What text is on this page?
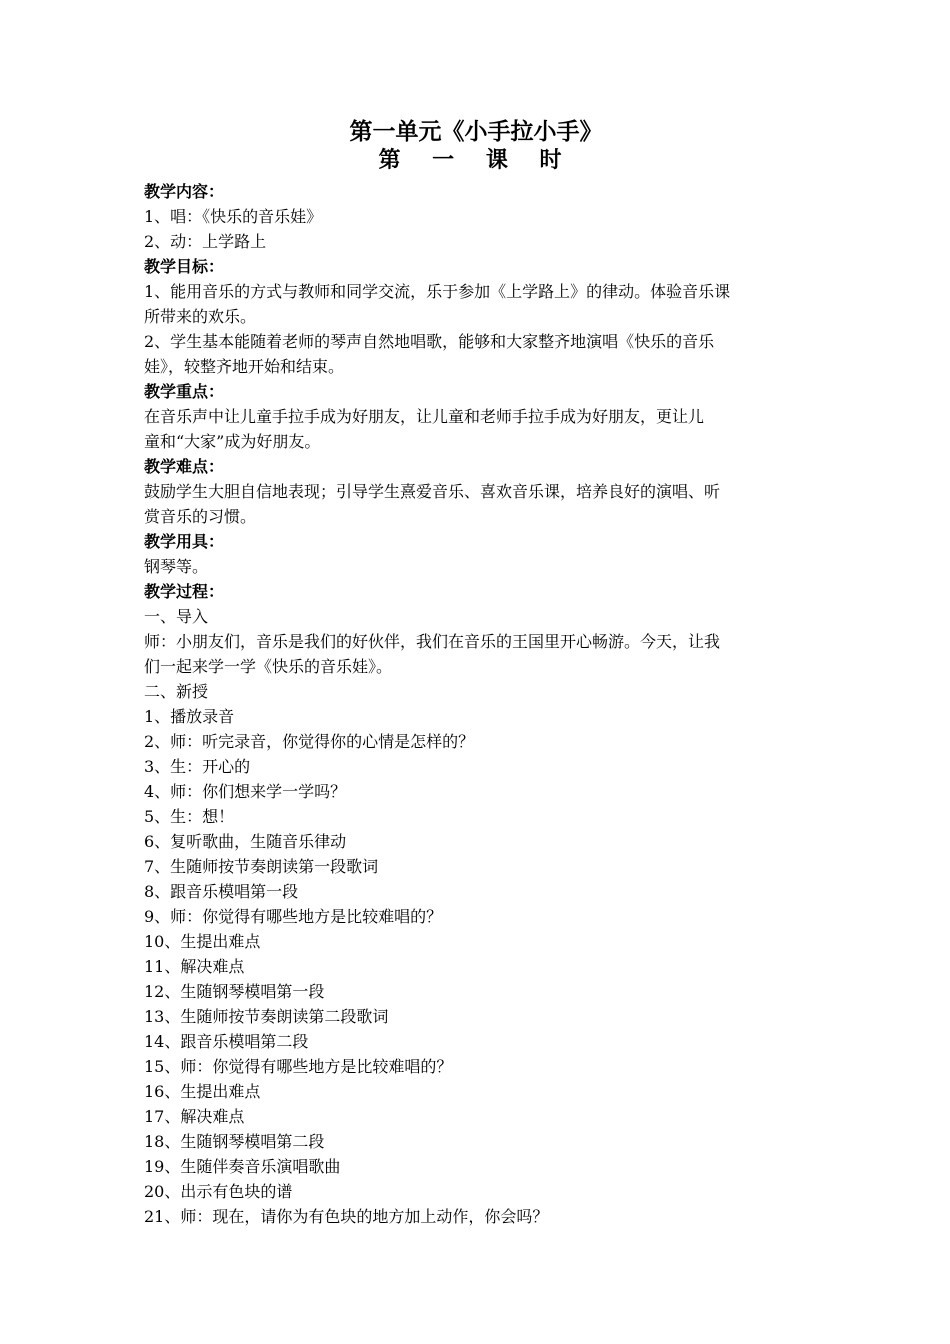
第一单元《小手拉小手》
第 一 课 时

教学内容：

1、唱：《快乐的音乐娃》

2、动：上学路上

教学目标：

1、能用音乐的方式与教师和同学交流，乐于参加《上学路上》的律动。体验音乐课

所带来的欢乐。

2、学生基本能随着老师的琴声自然地唱歌，能够和大家整齐地演唱《快乐的音乐

娃》，较整齐地开始和结束。

教学重点：

在音乐声中让儿童手拉手成为好朋友，让儿童和老师手拉手成为好朋友，更让儿

童和“大家”成为好朋友。

教学难点：

鼓励学生大胆自信地表现；引导学生熹爱音乐、喜欢音乐课，培养良好的演唱、听

赏音乐的习惯。

教学用具：

钢琴等。

教学过程：

一、导入

师：小朋友们，音乐是我们的好伙伴，我们在音乐的王国里开心畅游。今天，让我

们一起来学一学《快乐的音乐娃》。

二、新授

1、播放录音

2、师：听完录音，你觉得你的心情是怎样的？

3、生：开心的

4、师：你们想来学一学吗？

5、生：想！

6、复听歌曲，生随音乐律动

7、生随师按节奏朗读第一段歌词

8、跟音乐模唱第一段

9、师：你觉得有哪些地方是比较难唱的？

10、生提出难点

11、解决难点

12、生随钢琴模唱第一段

13、生随师按节奏朗读第二段歌词

14、跟音乐模唱第二段

15、师：你觉得有哪些地方是比较难唱的？

16、生提出难点

17、解决难点

18、生随钢琴模唱第二段

19、生随伴奏音乐演唱歌曲

20、出示有色块的谱

21、师：现在，请你为有色块的地方加上动作，你会吗？
